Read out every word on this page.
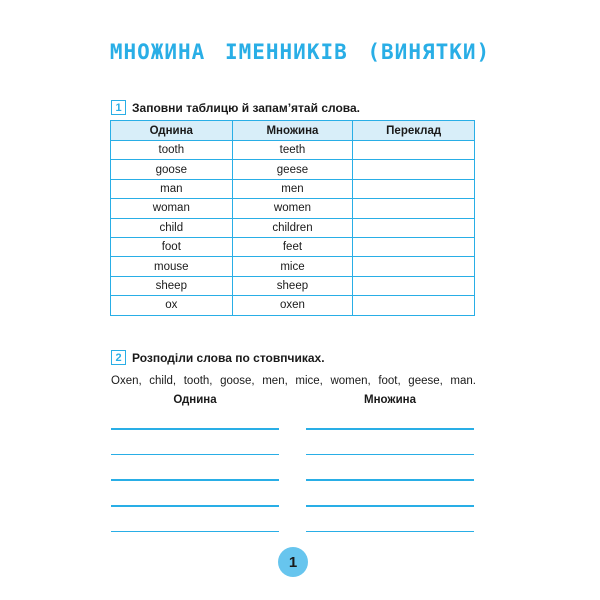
МНОЖИНА ІМЕННИКІВ (ВИНЯТКИ)
1 Заповни таблицю й запам’ятай слова.
Однина	Множина	Переклад
tooth	teeth	
goose	geese	
man	men	
woman	women	
child	children	
foot	feet	
mouse	mice	
sheep	sheep	
ox	oxen	
2 Розподіли слова по стовпчиках.
Oxen, child, tooth, goose, men, mice, women, foot, geese, man.
Однина	Множина
1
